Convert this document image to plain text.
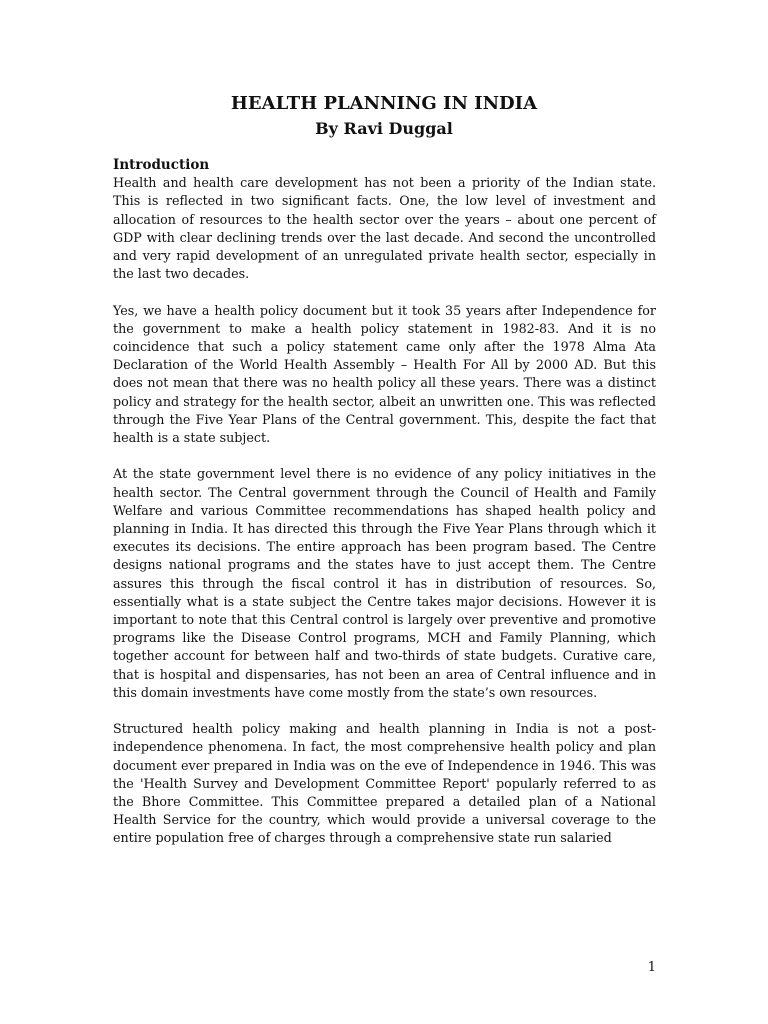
HEALTH PLANNING IN INDIA
By Ravi Duggal
Introduction

Health and health care development has not been a priority of the Indian state. This is reflected in two significant facts. One, the low level of investment and allocation of resources to the health sector over the years – about one percent of GDP with clear declining trends over the last decade. And second the uncontrolled and very rapid development of an unregulated private health sector, especially in the last two decades.

Yes, we have a health policy document but it took 35 years after Independence for the government to make a health policy statement in 1982-83. And it is no coincidence that such a policy statement came only after the 1978 Alma Ata Declaration of the World Health Assembly – Health For All by 2000 AD. But this does not mean that there was no health policy all these years. There was a distinct policy and strategy for the health sector, albeit an unwritten one. This was reflected through the Five Year Plans of the Central government. This, despite the fact that health is a state subject.

At the state government level there is no evidence of any policy initiatives in the health sector. The Central government through the Council of Health and Family Welfare and various Committee recommendations has shaped health policy and planning in India. It has directed this through the Five Year Plans through which it executes its decisions. The entire approach has been program based. The Centre designs national programs and the states have to just accept them. The Centre assures this through the fiscal control it has in distribution of resources. So, essentially what is a state subject the Centre takes major decisions. However it is important to note that this Central control is largely over preventive and promotive programs like the Disease Control programs, MCH and Family Planning, which together account for between half and two-thirds of state budgets. Curative care, that is hospital and dispensaries, has not been an area of Central influence and in this domain investments have come mostly from the state’s own resources.

Structured health policy making and health planning in India is not a post-independence phenomena. In fact, the most comprehensive health policy and plan document ever prepared in India was on the eve of Independence in 1946. This was the 'Health Survey and Development Committee Report' popularly referred to as the Bhore Committee. This Committee prepared a detailed plan of a National Health Service for the country, which would provide a universal coverage to the entire population free of charges through a comprehensive state run salaried

1
